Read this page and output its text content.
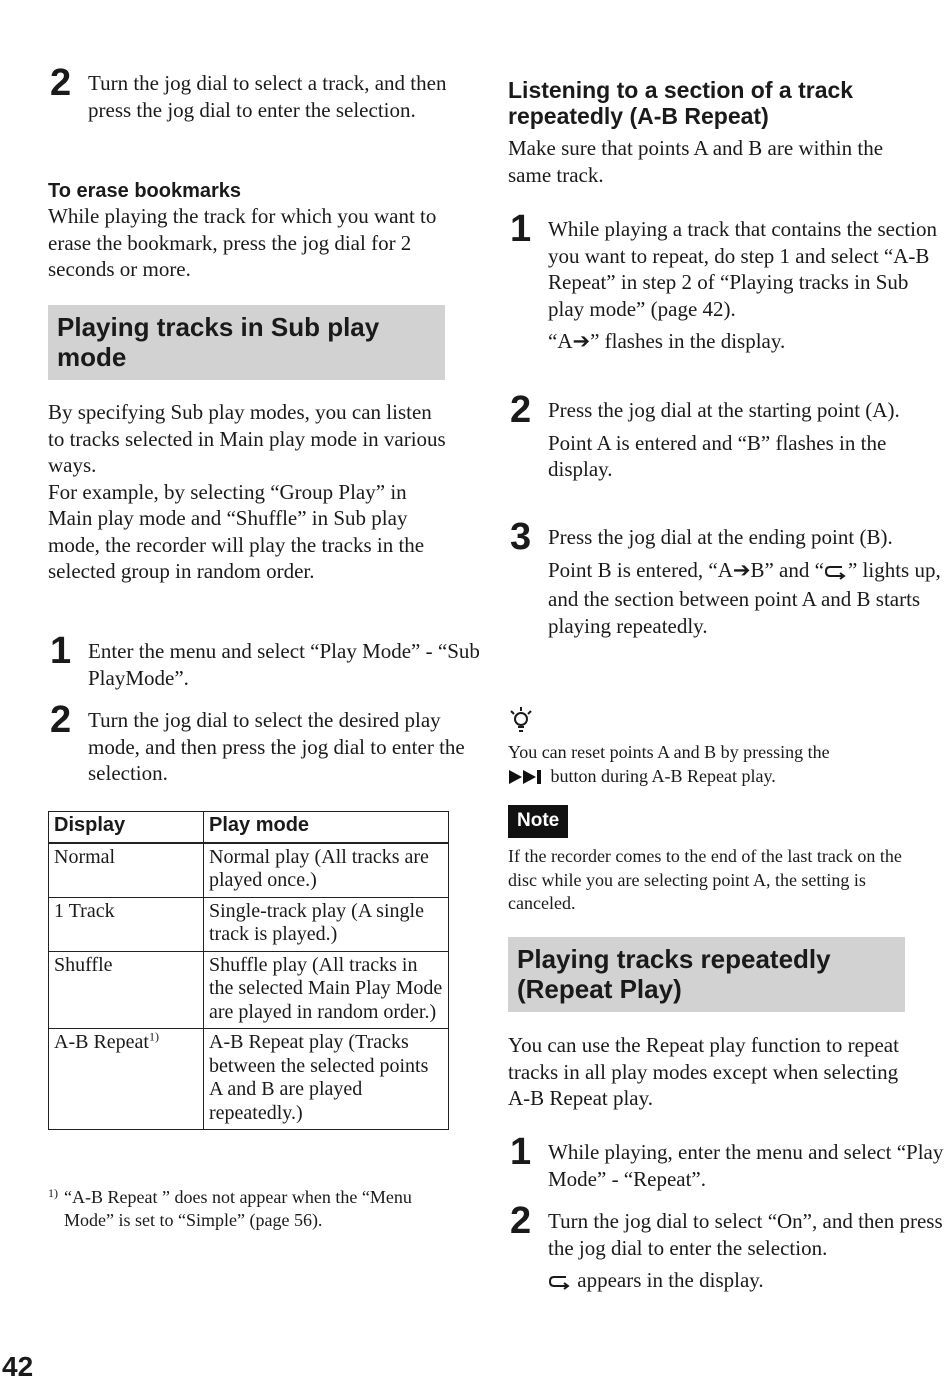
2 Turn the jog dial to select a track, and then press the jog dial to enter the selection.

To erase bookmarks

While playing the track for which you want to erase the bookmark, press the jog dial for 2 seconds or more.

Playing tracks in Sub play mode

By specifying Sub play modes, you can listen to tracks selected in Main play mode in various ways.

For example, by selecting “Group Play” in Main play mode and “Shuffle” in Sub play mode, the recorder will play the tracks in the selected group in random order.

1 Enter the menu and select “Play Mode” - “Sub PlayMode”.

2 Turn the jog dial to select the desired play mode, and then press the jog dial to enter the selection.

Display	Play mode
Normal	Normal play (All tracks are played once.)
1 Track	Single-track play (A single track is played.)
Shuffle	Shuffle play (All tracks in the selected Main Play Mode are played in random order.)
A-B Repeat$^{1)}$	A-B Repeat play (Tracks between the selected points A and B are played repeatedly.)
1) “A-B Repeat ” does not appear when the “Menu Mode” is set to “Simple” (page 56).
Listening to a section of a track repeatedly (A-B Repeat)

Make sure that points A and B are within the same track.

1 While playing a track that contains the section you want to repeat, do step 1 and select “A-B Repeat” in step 2 of “Playing tracks in Sub play mode” (page 42).

“A➔” flashes in the display.

2 Press the jog dial at the starting point (A).

Point A is entered and “B” flashes in the display.

3 Press the jog dial at the ending point (B).

Point B is entered, “A➔B” and “ ” lights up, and the section between point A and B starts playing repeatedly.

You can reset points A and B by pressing the
button during A-B Repeat play.

Note

If the recorder comes to the end of the last track on the disc while you are selecting point A, the setting is canceled.

Playing tracks repeatedly (Repeat Play)

You can use the Repeat play function to repeat tracks in all play modes except when selecting A-B Repeat play.

1 While playing, enter the menu and select “Play Mode” - “Repeat”.

2 Turn the jog dial to select “On”, and then press the jog dial to enter the selection.

appears in the display.

42
